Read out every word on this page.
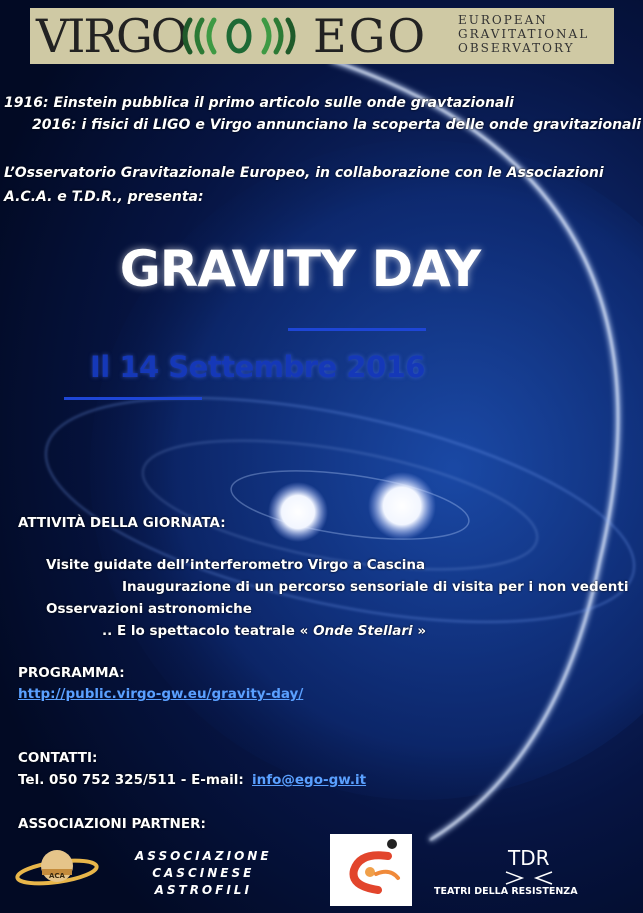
VIRGO	EGO	EUROPEAN
GRAVITATIONAL
OBSERVATORY
1916: Einstein pubblica il primo articolo sulle onde gravtazionali
2016: i fisici di LIGO e Virgo annunciano la scoperta delle onde gravitazionali
L’Osservatorio Gravitazionale Europeo, in collaborazione con le Associazioni
A.C.A. e T.D.R., presenta:
GRAVITY DAY
Il 14 Settembre 2016
ATTIVITÀ DELLA GIORNATA:
Visite guidate dell’interferometro Virgo a Cascina
Inaugurazione di un percorso sensoriale di visita per i non vedenti
Osservazioni astronomiche
.. E lo spettacolo teatrale « Onde Stellari »
PROGRAMMA:
http://public.virgo-gw.eu/gravity-day/
CONTATTI:
Tel. 050 752 325/511 - E-mail: info@ego-gw.it
ASSOCIAZIONI PARTNER:
ACA
ASSOCIAZIONE
CASCINESE
ASTROFILI
TDR
TEATRI DELLA RESISTENZA
